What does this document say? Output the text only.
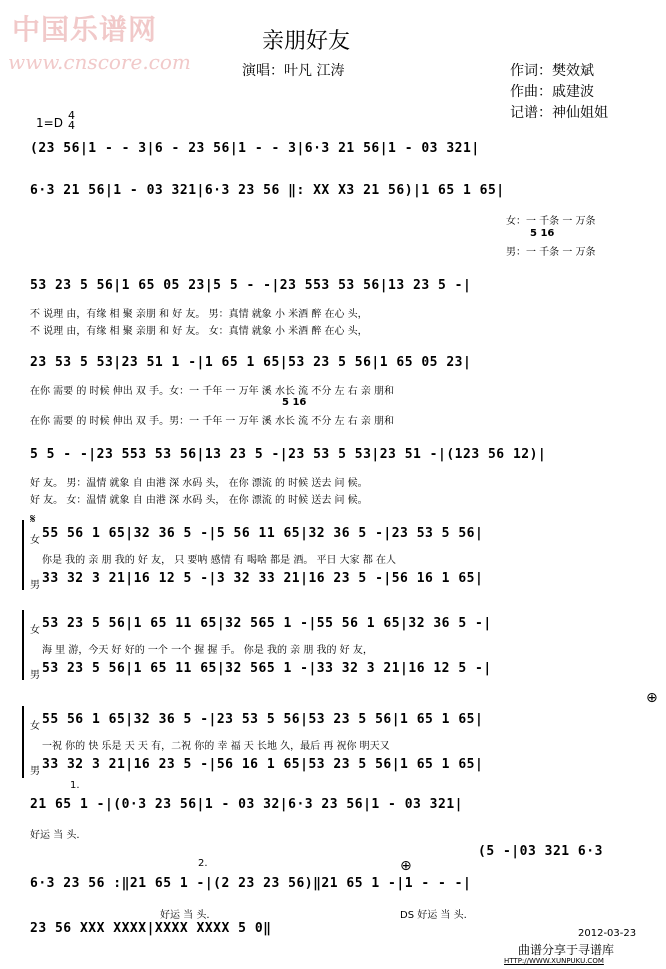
中国乐谱网
www.cnscore.com
亲朋好友
演唱：叶凡 江涛	作词：樊效斌
作曲：戚建波
记谱：神仙姐姐
1=D
4
4
(23 56|1 - - 3|6 - 23 56|1 - - 3|6·3 21 56|1 - 03 321|
6·3 21 56|1 - 03 321|6·3 23 56 ‖: XX X3 21 56)|1 65 1 65|
女：一 千条 一 万条
5 16
男：一 千条 一 万条
53 23 5 56|1 65 05 23|5 5 - -|23 553 53 56|13 23 5 -|
不 说理 由，有缘 相 聚 亲朋 和 好 友。 男：真情 就象 小 米酒 醉 在心 头，
不 说理 由，有缘 相 聚 亲朋 和 好 友。 女：真情 就象 小 米酒 醉 在心 头，
23 53 5 53|23 51 1 -|1 65 1 65|53 23 5 56|1 65 05 23|
在你 需要 的 时候 伸出 双 手。女：一 千年 一 万年 溪 水长 流 不分 左 右 亲 朋和
5 16
在你 需要 的 时候 伸出 双 手。男：一 千年 一 万年 溪 水长 流 不分 左 右 亲 朋和
5 5 - -|23 553 53 56|13 23 5 -|23 53 5 53|23 51 -|(123 56 12)|
好 友。 男：温情 就象 自 由港 深 水码 头， 在你 漂流 的 时候 送去 问 候。
好 友。 女：温情 就象 自 由港 深 水码 头， 在你 漂流 的 时候 送去 问 候。
𝄋
女 55 56 1 65|32 36 5 -|5 56 11 65|32 36 5 -|23 53 5 56|
你是 我的 亲 朋 我的 好 友， 只 要呐 感情 有 喝啥 都是 酒。 平日 大家 都 在人
男 33 32 3 21|16 12 5 -|3 32 33 21|16 23 5 -|56 16 1 65|
女 53 23 5 56|1 65 11 65|32 565 1 -|55 56 1 65|32 36 5 -|
海 里 游，今天 好 好的 一个 一个 握 握 手。 你是 我的 亲 朋 我的 好 友，
男 53 23 5 56|1 65 11 65|32 565 1 -|33 32 3 21|16 12 5 -|
⊕
女 55 56 1 65|32 36 5 -|23 53 5 56|53 23 5 56|1 65 1 65|
一祝 你的 快 乐是 天 天 有，二祝 你的 幸 福 天 长地 久，最后 再 祝你 明天又
男 33 32 3 21|16 23 5 -|56 16 1 65|53 23 5 56|1 65 1 65|
1.
21 65 1 -|(0·3 23 56|1 - 03 32|6·3 23 56|1 - 03 321|
好运 当 头.
(5 -|03 321 6·3
2.	⊕
6·3 23 56 :‖21 65 1 -|(2 23 23 56)‖21 65 1 -|1 - - -|
好运 当 头.	DS 好运 当 头.
23 56 XXX XXXX|XXXX XXXX 5 0‖	2012-03-23
曲谱分享于寻谱库
HTTP://WWW.XUNPUKU.COM
